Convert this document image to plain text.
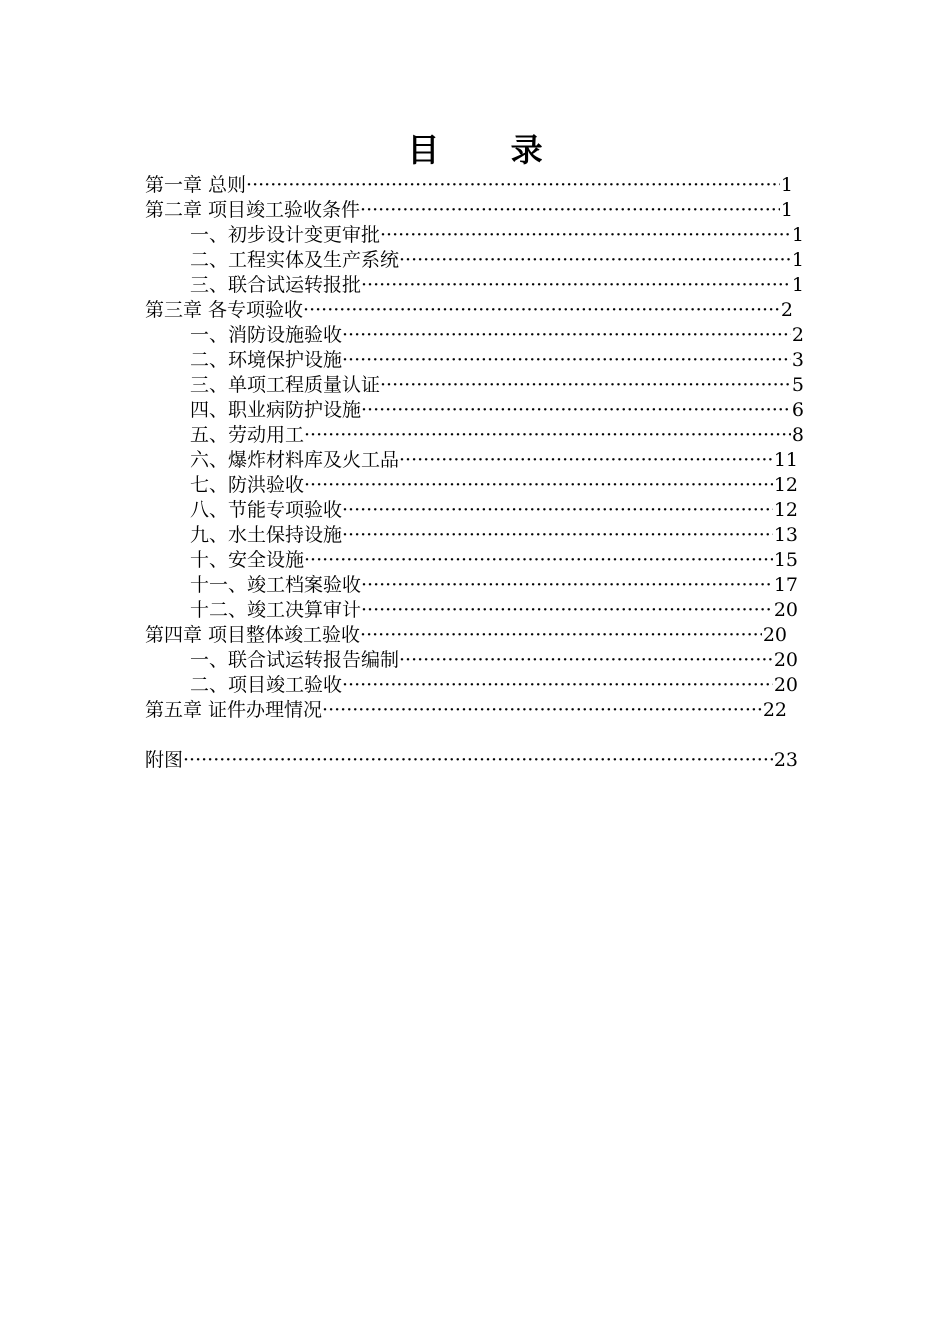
目 录
第一章 总则 ·····	1
第二章 项目竣工验收条件 ·····	1
一、初步设计变更审批 ·····	1
二、工程实体及生产系统 ·····	1
三、联合试运转报批 ·····	1
第三章 各专项验收 ·····	2
一、消防设施验收 ·····	2
二、环境保护设施 ·····	3
三、单项工程质量认证 ·····	5
四、职业病防护设施 ·····	6
五、劳动用工 ·····	8
六、爆炸材料库及火工品 ·····	11
七、防洪验收 ·····	12
八、节能专项验收 ·····	12
九、水土保持设施 ·····	13
十、安全设施 ·····	15
十一、竣工档案验收 ·····	17
十二、竣工决算审计 ·····	20
第四章 项目整体竣工验收 ·····	20
一、联合试运转报告编制 ·····	20
二、项目竣工验收 ·····	20
第五章 证件办理情况 ·····	22
附图 ·····	23
